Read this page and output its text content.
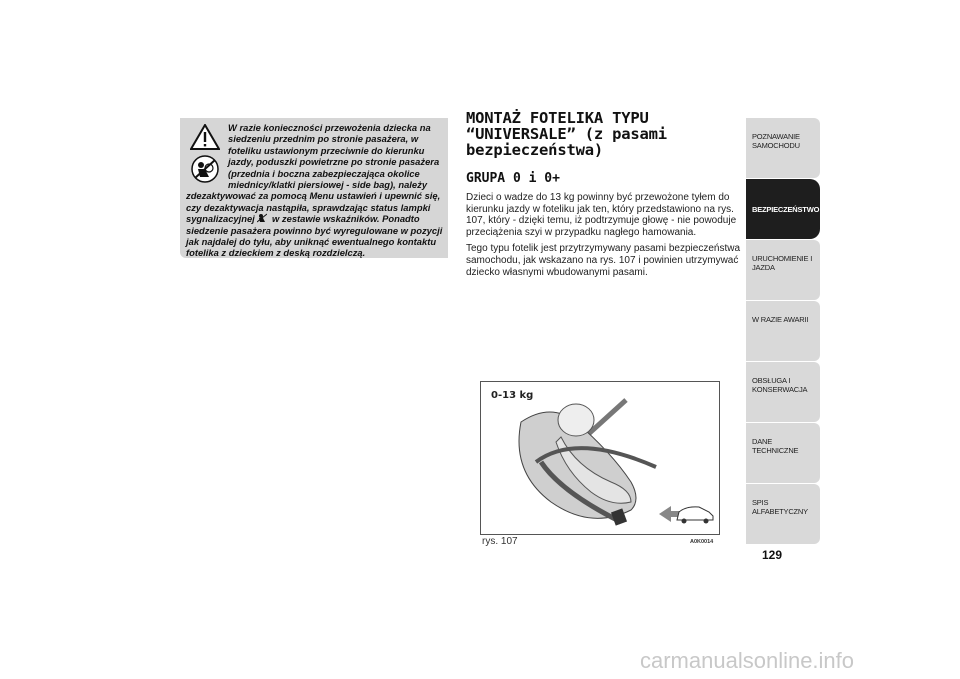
W razie konieczności przewożenia dziecka na siedzeniu przednim po stronie pasażera, w foteliku ustawionym przeciwnie do kierunku jazdy, poduszki powietrzne po stronie pasażera (przednia i boczna zabezpieczająca okolice miednicy/klatki piersiowej - side bag), należy zdezaktywować za pomocą Menu ustawień i upewnić się, czy dezaktywacja nastąpiła, sprawdzając status lampki sygnalizacyjnej w zestawie wskaźników. Ponadto siedzenie pasażera powinno być wyregulowane w pozycji jak najdalej do tyłu, aby uniknąć ewentualnego kontaktu fotelika z dzieckiem z deską rozdzielczą.
MONTAŻ FOTELIKA TYPU “UNIVERSALE” (z pasami bezpieczeństwa)
GRUPA 0 i 0+

Dzieci o wadze do 13 kg powinny być przewożone tyłem do kierunku jazdy w foteliku jak ten, który przedstawiono na rys. 107, który - dzięki temu, iż podtrzymuje głowę - nie powoduje przeciążenia szyi w przypadku nagłego hamowania.

Tego typu fotelik jest przytrzymywany pasami bezpieczeństwa samochodu, jak wskazano na rys. 107 i powinien utrzymywać dziecko własnymi wbudowanymi pasami.

0-13 kg
rys. 107	A0K0014
POZNAWANIE SAMOCHODU
BEZPIECZEŃSTWO
URUCHOMIENIE I JAZDA
W RAZIE AWARII
OBSŁUGA I KONSERWACJA
DANE TECHNICZNE
SPIS ALFABETYCZNY
129
carmanualsonline.info
